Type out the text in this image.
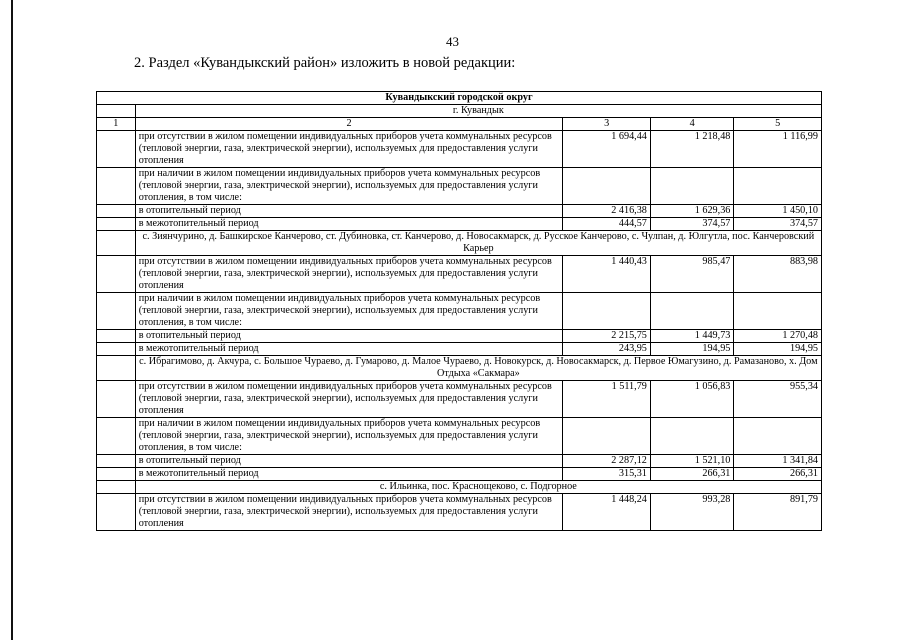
43
2. Раздел «Кувандыкский район» изложить в новой редакции:
Кувандыкский городской округ				
	г. Кувандык			
1	2	3	4	5
	при отсутствии в жилом помещении индивидуальных приборов учета коммунальных ресурсов (тепловой энергии, газа, электрической энергии), используемых для предоставления услуги отопления	1 694,44	1 218,48	1 116,99
	при наличии в жилом помещении индивидуальных приборов учета коммунальных ресурсов (тепловой энергии, газа, электрической энергии), используемых для предоставления услуги отопления, в том числе:			
	в отопительный период	2 416,38	1 629,36	1 450,10
	в межотопительный период	444,57	374,57	374,57
	с. Зиянчурино, д. Башкирское Канчерово, ст. Дубиновка, ст. Канчерово, д. Новосакмарск, д. Русское Канчерово, с. Чулпан, д. Юлгутла, пос. Канчеровский Карьер			
	при отсутствии в жилом помещении индивидуальных приборов учета коммунальных ресурсов (тепловой энергии, газа, электрической энергии), используемых для предоставления услуги отопления	1 440,43	985,47	883,98
	при наличии в жилом помещении индивидуальных приборов учета коммунальных ресурсов (тепловой энергии, газа, электрической энергии), используемых для предоставления услуги отопления, в том числе:			
	в отопительный период	2 215,75	1 449,73	1 270,48
	в межотопительный период	243,95	194,95	194,95
	с. Ибрагимово, д. Акчура, с. Большое Чураево, д. Гумарово, д. Малое Чураево, д. Новокурск, д. Новосакмарск, д. Первое Юмагузино, д. Рамазаново, х. Дом Отдыха «Сакмара»			
	при отсутствии в жилом помещении индивидуальных приборов учета коммунальных ресурсов (тепловой энергии, газа, электрической энергии), используемых для предоставления услуги отопления	1 511,79	1 056,83	955,34
	при наличии в жилом помещении индивидуальных приборов учета коммунальных ресурсов (тепловой энергии, газа, электрической энергии), используемых для предоставления услуги отопления, в том числе:			
	в отопительный период	2 287,12	1 521,10	1 341,84
	в межотопительный период	315,31	266,31	266,31
	с. Ильинка, пос. Краснощеково, с. Подгорное			
	при отсутствии в жилом помещении индивидуальных приборов учета коммунальных ресурсов (тепловой энергии, газа, электрической энергии), используемых для предоставления услуги отопления	1 448,24	993,28	891,79
